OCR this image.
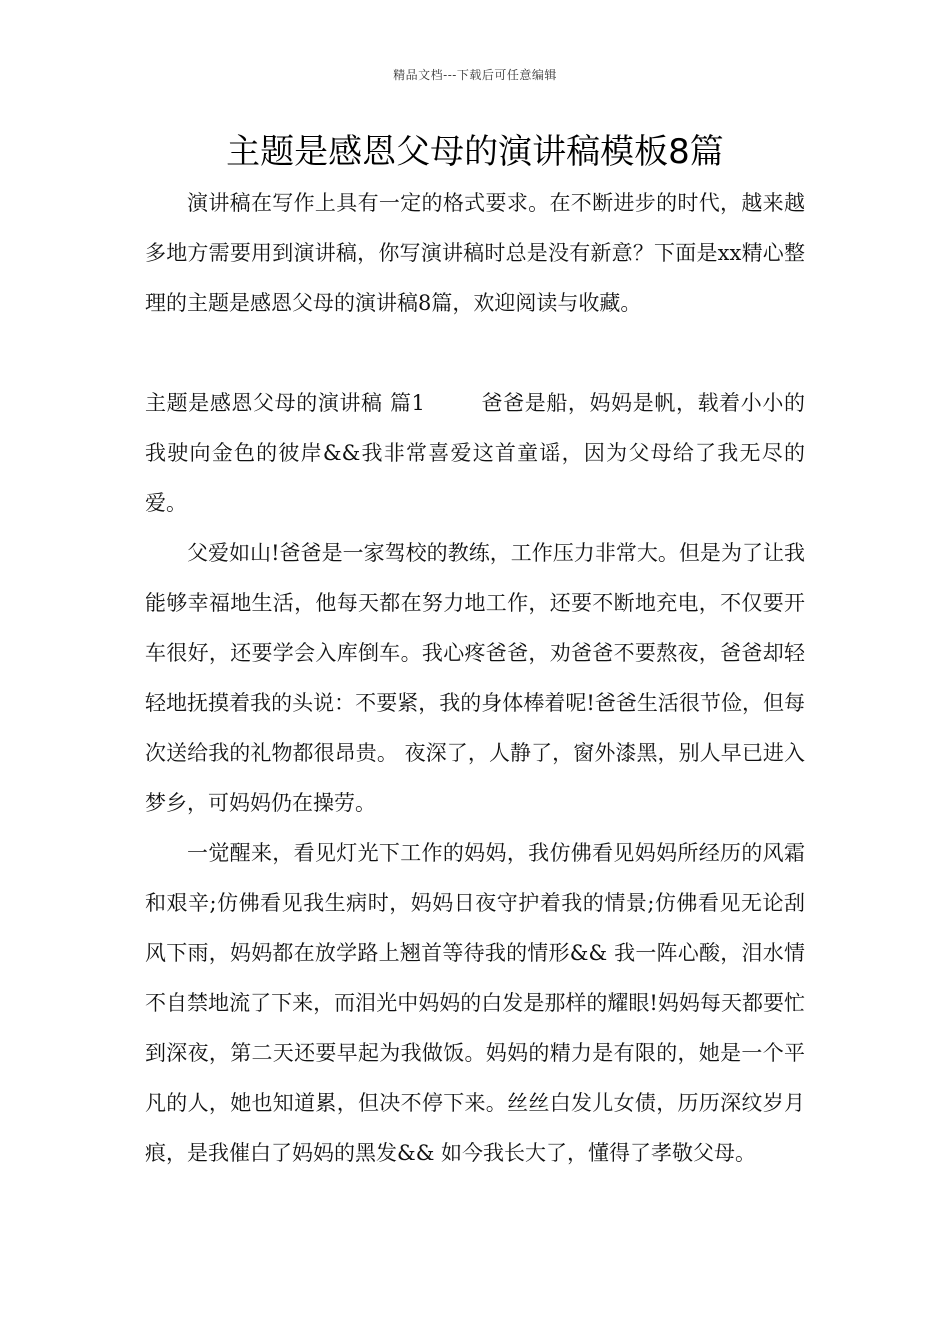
精品文档---下载后可任意编辑
主题是感恩父母的演讲稿模板8篇

演讲稿在写作上具有一定的格式要求。在不断进步的时代，越来越多地方需要用到演讲稿，你写演讲稿时总是没有新意？下面是xx精心整理的主题是感恩父母的演讲稿8篇，欢迎阅读与收藏。

主题是感恩父母的演讲稿 篇1	爸爸是船，妈妈是帆，载着小小的我驶向金色的彼岸&&我非常喜爱这首童谣，因为父母给了我无尽的爱。

父爱如山!爸爸是一家驾校的教练，工作压力非常大。但是为了让我能够幸福地生活，他每天都在努力地工作，还要不断地充电，不仅要开车很好，还要学会入库倒车。我心疼爸爸，劝爸爸不要熬夜，爸爸却轻轻地抚摸着我的头说：不要紧，我的身体棒着呢!爸爸生活很节俭，但每次送给我的礼物都很昂贵。 夜深了，人静了，窗外漆黑，别人早已进入梦乡，可妈妈仍在操劳。

一觉醒来，看见灯光下工作的妈妈，我仿佛看见妈妈所经历的风霜和艰辛;仿佛看见我生病时，妈妈日夜守护着我的情景;仿佛看见无论刮风下雨，妈妈都在放学路上翘首等待我的情形&& 我一阵心酸，泪水情不自禁地流了下来，而泪光中妈妈的白发是那样的耀眼!妈妈每天都要忙到深夜，第二天还要早起为我做饭。妈妈的精力是有限的，她是一个平凡的人，她也知道累，但决不停下来。丝丝白发儿女债，历历深纹岁月痕，是我催白了妈妈的黑发&& 如今我长大了，懂得了孝敬父母。
